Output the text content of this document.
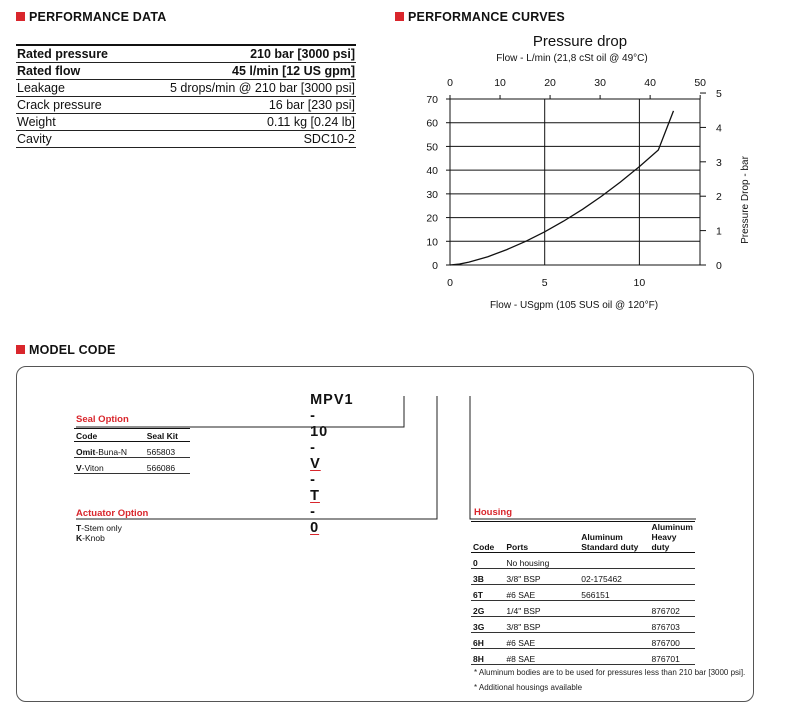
PERFORMANCE DATA	PERFORMANCE CURVES
MODEL CODE
Rated pressure	210 bar [3000 psi]
Rated flow	45 l/min [12 US gpm]
Leakage	5 drops/min @ 210 bar [3000 psi]
Crack pressure	16 bar [230 psi]
Weight	0.11 kg [0.24 lb]
Cavity	SDC10-2
0
10
20
30
40
50
60
70
0	5	10
0	10	20	30	40	50
0
1
2
3
4
5
Pressure drop
Flow - L/min (21,8 cSt oil @ 49°C)
Flow - USgpm (105 SUS oil @ 120°F)
Pressure Drop - bar

MPV1
-
10
-
V
-
T
-
0

Seal Option
Code	Seal Kit
Omit-Buna-N	565803
V-Viton	566086
Actuator Option
T-Stem only
K-Knob
Housing
Code	Ports	Aluminum Standard duty	Aluminum Heavy duty
0	No housing		
3B	3/8" BSP	02-175462	
6T	#6 SAE	566151	
2G	1/4" BSP		876702
3G	3/8" BSP		876703
6H	#6 SAE		876700
8H	#8 SAE		876701
* Aluminum bodies are to be used for pressures less than 210 bar [3000 psi].
* Additional housings available
